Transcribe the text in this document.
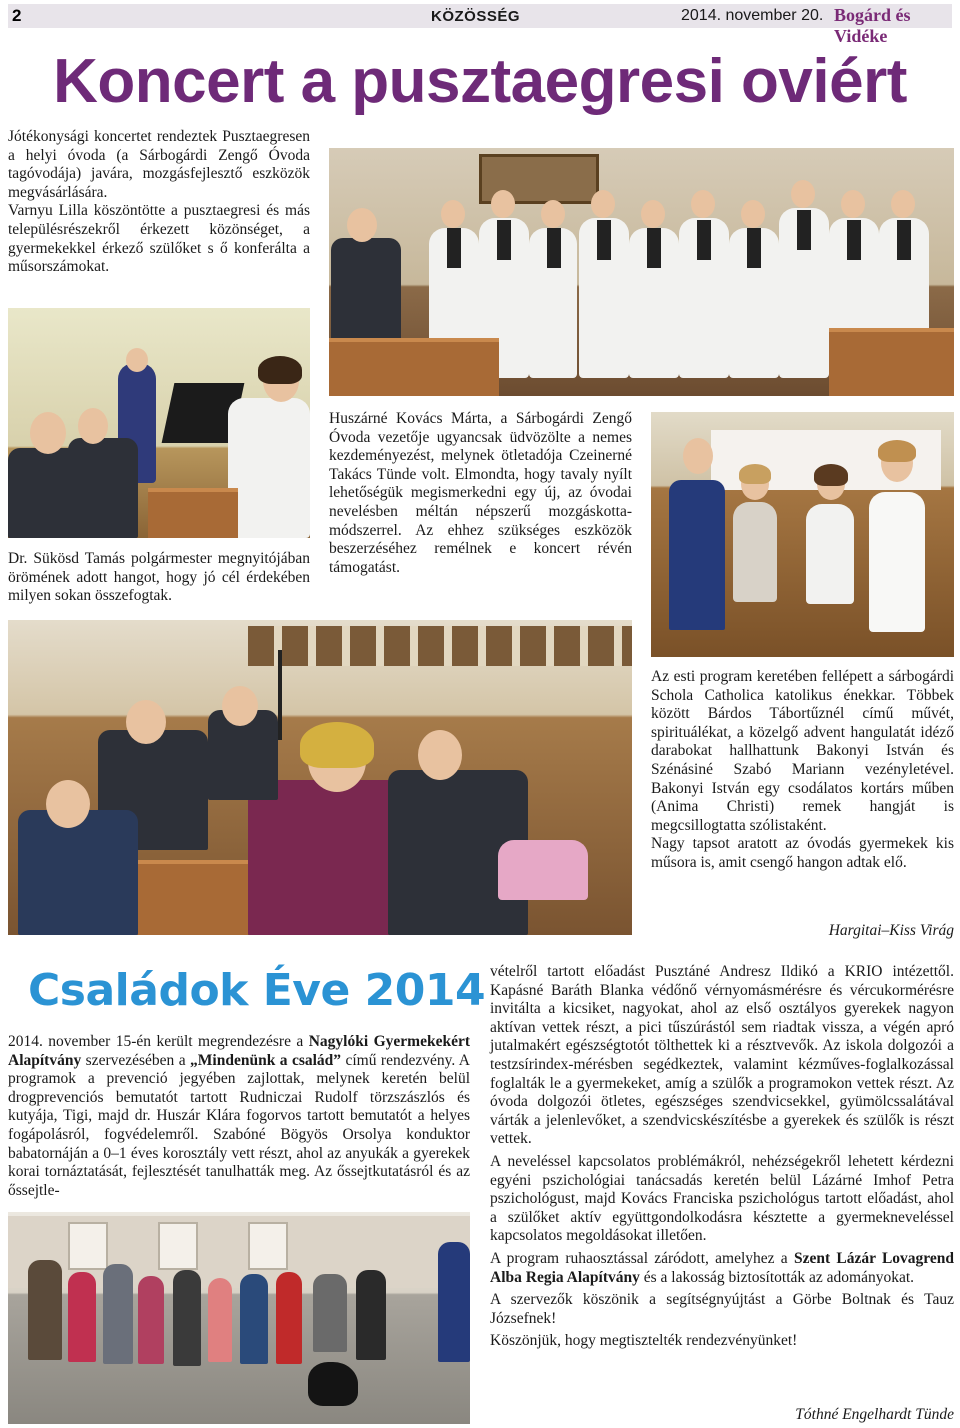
2	KÖZÖSSÉG	2014. november 20. Bogárd és Vidéke
Koncert a pusztaegresi oviért

Jótékonysági koncertet rendeztek Pusztaegresen a helyi óvoda (a Sárbogárdi Zengő Óvoda tagóvodája) javára, mozgásfejlesztő eszközök megvásárlására.

Varnyu Lilla köszöntötte a pusztaegresi és más településrészekről érkezett közönséget, a gyermekekkel érkező szülőket s ő konferálta a műsorszámokat.

Dr. Sükösd Tamás polgármester megnyitójában örömének adott hangot, hogy jó cél érdekében milyen sokan összefogtak.
Huszárné Kovács Márta, a Sárbogárdi Zengő Óvoda vezetője ugyancsak üdvözölte a nemes kezdeményezést, melynek ötletadója Czeinerné Takács Tünde volt. Elmondta, hogy tavaly nyílt lehetőségük megismerkedni egy új, az óvodai nevelésben méltán népszerű mozgáskotta-módszerrel. Az ehhez szükséges eszközök beszerzéséhez remélnek e koncert révén támogatást.

Az esti program keretében fellépett a sárbogárdi Schola Catholica katolikus énekkar. Többek között Bárdos Tábortűznél című művét, spirituálékat, a közelgő advent hangulatát idéző darabokat hallhattunk Bakonyi István és Szénásiné Szabó Mariann vezényletével. Bakonyi István egy csodálatos kortárs műben (Anima Christi) remek hangját is megcsillogtatta szólistaként.

Nagy tapsot aratott az óvodás gyermekek kis műsora is, amit csengő hangon adtak elő.

Hargitai–Kiss Virág
Családok Éve 2014

2014. november 15-én került megrendezésre a Nagylóki Gyermekekért Alapítvány szervezésében a „Mindenünk a család” című rendezvény. A programok a prevenció jegyében zajlottak, melynek keretén belül drogprevenciós bemutatót tartott Rudniczai Rudolf törzszászlós és kutyája, Tigi, majd dr. Huszár Klára fogorvos tartott bemutatót a helyes fogápolásról, fogvédelemről. Szabóné Bögyös Orsolya konduktor babatornáján a 0–1 éves korosztály vett részt, ahol az anyukák a gyerekek korai tornáztatását, fejlesztését tanulhatták meg. Az őssejtkutatásról és az őssejtle-

vételről tartott előadást Pusztáné Andresz Ildikó a KRIO intézettől. Kapásné Baráth Blanka védőnő vérnyomásmérésre és vércukormérésre invitálta a kicsiket, nagyokat, ahol az első osztályos gyerekek nagyon aktívan vettek részt, a pici tűszúrástól sem riadtak vissza, a végén apró jutalmakért egészségtotót tölthettek ki a résztvevők. Az iskola dolgozói a testzsírindex-mérésben segédkeztek, valamint kézműves-foglalkozással foglalták le a gyermekeket, amíg a szülők a programokon vettek részt. Az óvoda dolgozói ötletes, egészséges szendvicsekkel, gyümölcssalátával várták a jelenlevőket, a szendvicskészítésbe a gyerekek és szülők is részt vettek.

A neveléssel kapcsolatos problémákról, nehézségekről lehetett kérdezni egyéni pszichológiai tanácsadás keretén belül Lázárné Imhof Petra pszichológust, majd Kovács Franciska pszichológus tartott előadást, ahol a szülőket aktív együttgondolkodásra késztette a gyermekneveléssel kapcsolatos megoldásokat illetően.

A program ruhaosztással záródott, amelyhez a Szent Lázár Lovagrend Alba Regia Alapítvány és a lakosság biztosították az adományokat.

A szervezők köszönik a segítségnyújtást a Görbe Boltnak és Tauz Józsefnek!

Köszönjük, hogy megtisztelték rendezvényünket!

Tóthné Engelhardt Tünde
